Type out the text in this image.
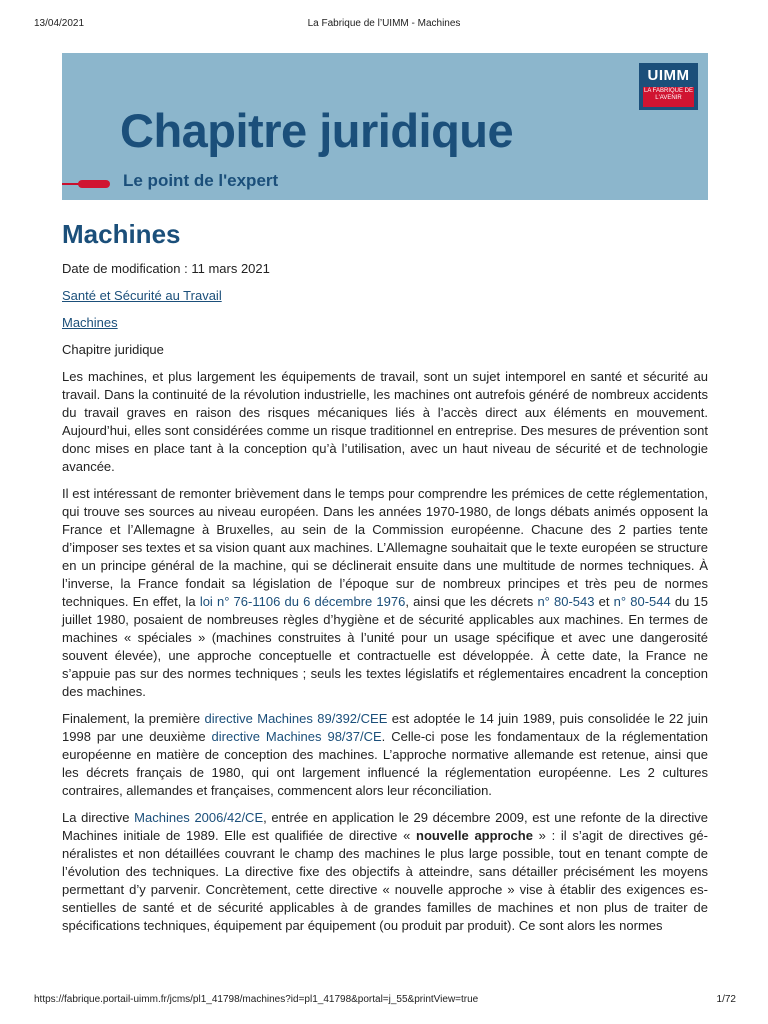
13/04/2021	La Fabrique de l’UIMM - Machines
Chapitre juridique
Le point de l'expert
UIMM
LA FABRIQUE DE L'AVENIR
Machines
Date de modification : 11 mars 2021
Santé et Sécurité au Travail
Machines
Chapitre juridique

Les machines, et plus largement les équipements de travail, sont un sujet intemporel en santé et sécurité au travail. Dans la continuité de la révolution industrielle, les machines ont autrefois généré de nombreux accidents du travail graves en raison des risques mécaniques liés à l’accès direct aux éléments en mouvement. Aujourd’hui, elles sont considérées comme un risque traditionnel en entreprise. Des mesures de prévention sont donc mises en place tant à la conception qu’à l’utilisation, avec un haut niveau de sécurité et de technologie avancée.

Il est intéressant de remonter brièvement dans le temps pour comprendre les prémices de cette réglementation, qui trouve ses sources au niveau européen. Dans les années 1970-1980, de longs débats animés opposent la France et l’Allemagne à Bruxelles, au sein de la Commission européenne. Chacune des 2 parties tente d’imposer ses textes et sa vision quant aux machines. L’Allemagne souhaitait que le texte européen se structure en un principe général de la machine, qui se déclinerait ensuite dans une multitude de normes techniques. À l’inverse, la France fondait sa législation de l’époque sur de nombreux principes et très peu de normes techniques. En effet, la loi n° 76-1106 du 6 décembre 1976, ainsi que les décrets n° 80-543 et n° 80-544 du 15 juillet 1980, posaient de nombreuses règles d’hygiène et de sécurité applicables aux machines. En termes de machines « spéciales » (machines construites à l’unité pour un usage spécifique et avec une dangerosité souvent élevée), une approche conceptuelle et contractuelle est développée. À cette date, la France ne s’appuie pas sur des normes techniques ; seuls les textes législatifs et réglementaires encadrent la conception des machines.

Finalement, la première directive Machines 89/392/CEE est adoptée le 14 juin 1989, puis consolidée le 22 juin 1998 par une deuxième directive Machines 98/37/CE. Celle-ci pose les fondamentaux de la réglementation européenne en matière de conception des machines. L’approche normative allemande est retenue, ainsi que les décrets français de 1980, qui ont largement influencé la réglementation européenne. Les 2 cultures contraires, allemandes et françaises, commencent alors leur réconciliation.

La directive Machines 2006/42/CE, entrée en application le 29 décembre 2009, est une refonte de la directive Machines initiale de 1989. Elle est qualifiée de directive « nouvelle approche » : il s’agit de directives généralistes et non détaillées couvrant le champ des machines le plus large possible, tout en tenant compte de l’évolution des techniques. La directive fixe des objectifs à atteindre, sans détailler précisément les moyens permettant d’y parvenir. Concrètement, cette directive « nouvelle approche » vise à établir des exigences essentielles de santé et de sécurité applicables à de grandes familles de machines et non plus de traiter de spécifications techniques, équipement par équipement (ou produit par produit). Ce sont alors les normes

https://fabrique.portail-uimm.fr/jcms/pl1_41798/machines?id=pl1_41798&portal=j_55&printView=true	1/72
